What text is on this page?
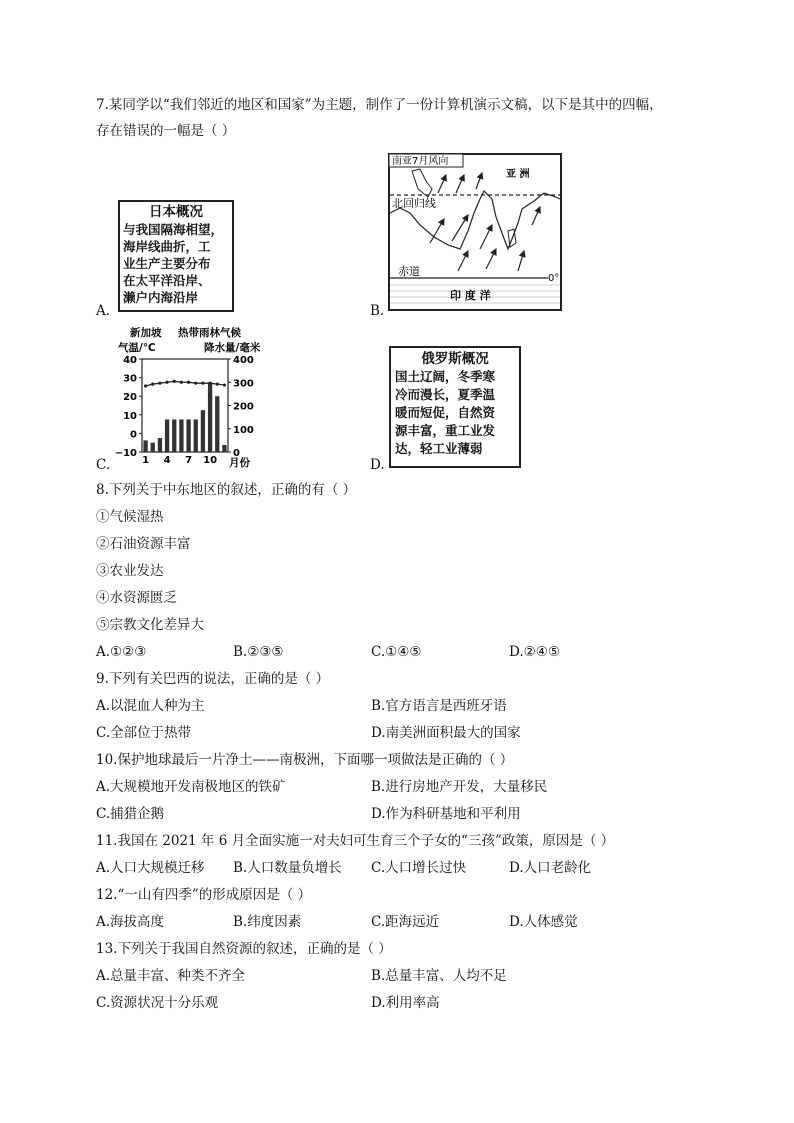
7.某同学以“我们邻近的地区和国家”为主题，制作了一份计算机演示文稿，以下是其中的四幅，
存在错误的一幅是（ ）
日本概况
与我国隔海相望，
海岸线曲折，工
业生产主要分布
在太平洋沿岸、
濑户内海沿岸
A.
南亚7月风向
亚 洲
北回归线
赤道
0°
印 度 洋
B.
C.
新加坡 热带雨林气候
气温/℃	降水量/毫米
月份
40
30
20
10
0
−10
400
300
200
100
0
1 4 7 10
俄罗斯概况
国土辽阔，冬季寒
冷而漫长，夏季温
暖而短促，自然资
源丰富，重工业发
达，轻工业薄弱
D.
8.下列关于中东地区的叙述，正确的有（ ）
①气候湿热
②石油资源丰富
③农业发达
④水资源匮乏
⑤宗教文化差异大
A.①②③	B.②③⑤	C.①④⑤	D.②④⑤
9.下列有关巴西的说法，正确的是（ ）
A.以混血人种为主	B.官方语言是西班牙语
C.全部位于热带	D.南美洲面积最大的国家
10.保护地球最后一片净土——南极洲，下面哪一项做法是正确的（ ）
A.大规模地开发南极地区的铁矿	B.进行房地产开发，大量移民
C.捕猎企鹅	D.作为科研基地和平利用
11.我国在 2021 年 6 月全面实施一对夫妇可生育三个子女的“三孩”政策，原因是（ ）
A.人口大规模迁移 B.人口数量负增长 C.人口增长过快	D.人口老龄化
12.“一山有四季”的形成原因是（ ）
A.海拔高度	B.纬度因素	C.距海远近	D.人体感觉
13.下列关于我国自然资源的叙述，正确的是（ ）
A.总量丰富、种类不齐全	B.总量丰富、人均不足
C.资源状况十分乐观	D.利用率高
